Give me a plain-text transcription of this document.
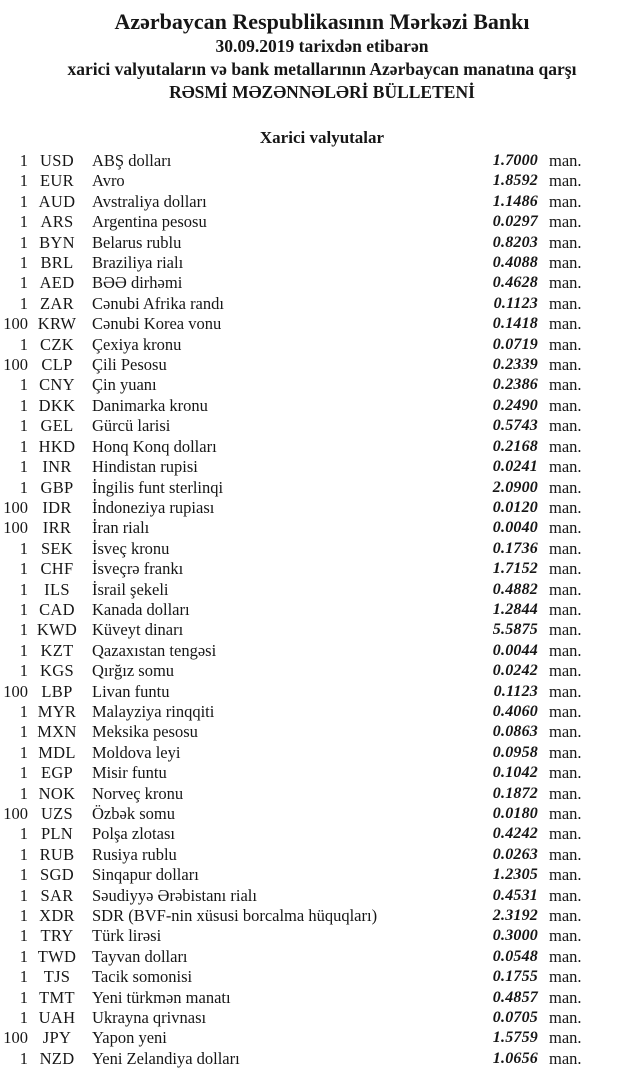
Azərbaycan Respublikasının Mərkəzi Bankı
30.09.2019 tarixdən etibarən
xarici valyutaların və bank metallarının Azərbaycan manatına qarşı
RƏSMİ MƏZƏNNƏLƏRİ BÜLLETENİ
Xarici valyutalar
1 USD	ABŞ dolları	1.7000 man.
1 EUR	Avro	1.8592 man.
1 AUD	Avstraliya dolları	1.1486 man.
1 ARS	Argentina pesosu	0.0297 man.
1 BYN	Belarus rublu	0.8203 man.
1 BRL	Braziliya rialı	0.4088 man.
1 AED	BƏƏ dirhəmi	0.4628 man.
1 ZAR	Cənubi Afrika randı	0.1123 man.
100 KRW Cənubi Korea vonu	0.1418 man.
1 CZK	Çexiya kronu	0.0719 man.
100 CLP	Çili Pesosu	0.2339 man.
1 CNY	Çin yuanı	0.2386 man.
1 DKK	Danimarka kronu	0.2490 man.
1 GEL	Gürcü larisi	0.5743 man.
1 HKD	Honq Konq dolları	0.2168 man.
1 INR	Hindistan rupisi	0.0241 man.
1 GBP	İngilis funt sterlinqi	2.0900 man.
100 IDR	İndoneziya rupiası	0.0120 man.
100 IRR	İran rialı	0.0040 man.
1 SEK	İsveç kronu	0.1736 man.
1 CHF	İsveçrə frankı	1.7152 man.
1 ILS	İsrail şekeli	0.4882 man.
1 CAD	Kanada dolları	1.2844 man.
1 KWD Küveyt dinarı	5.5875 man.
1 KZT	Qazaxıstan tengəsi	0.0044 man.
1 KGS	Qırğız somu	0.0242 man.
100 LBP	Livan funtu	0.1123 man.
1 MYR Malayziya rinqqiti	0.4060 man.
1 MXN Meksika pesosu	0.0863 man.
1 MDL Moldova leyi	0.0958 man.
1 EGP	Misir funtu	0.1042 man.
1 NOK	Norveç kronu	0.1872 man.
100 UZS	Özbək somu	0.0180 man.
1 PLN	Polşa zlotası	0.4242 man.
1 RUB	Rusiya rublu	0.0263 man.
1 SGD	Sinqapur dolları	1.2305 man.
1 SAR	Səudiyyə Ərəbistanı rialı	0.4531 man.
1 XDR	SDR (BVF-nin xüsusi borcalma hüquqları)	2.3192 man.
1 TRY	Türk lirəsi	0.3000 man.
1 TWD Tayvan dolları	0.0548 man.
1 TJS	Tacik somonisi	0.1755 man.
1 TMT	Yeni türkmən manatı	0.4857 man.
1 UAH	Ukrayna qrivnası	0.0705 man.
100 JPY	Yapon yeni	1.5759 man.
1 NZD	Yeni Zelandiya dolları	1.0656 man.
